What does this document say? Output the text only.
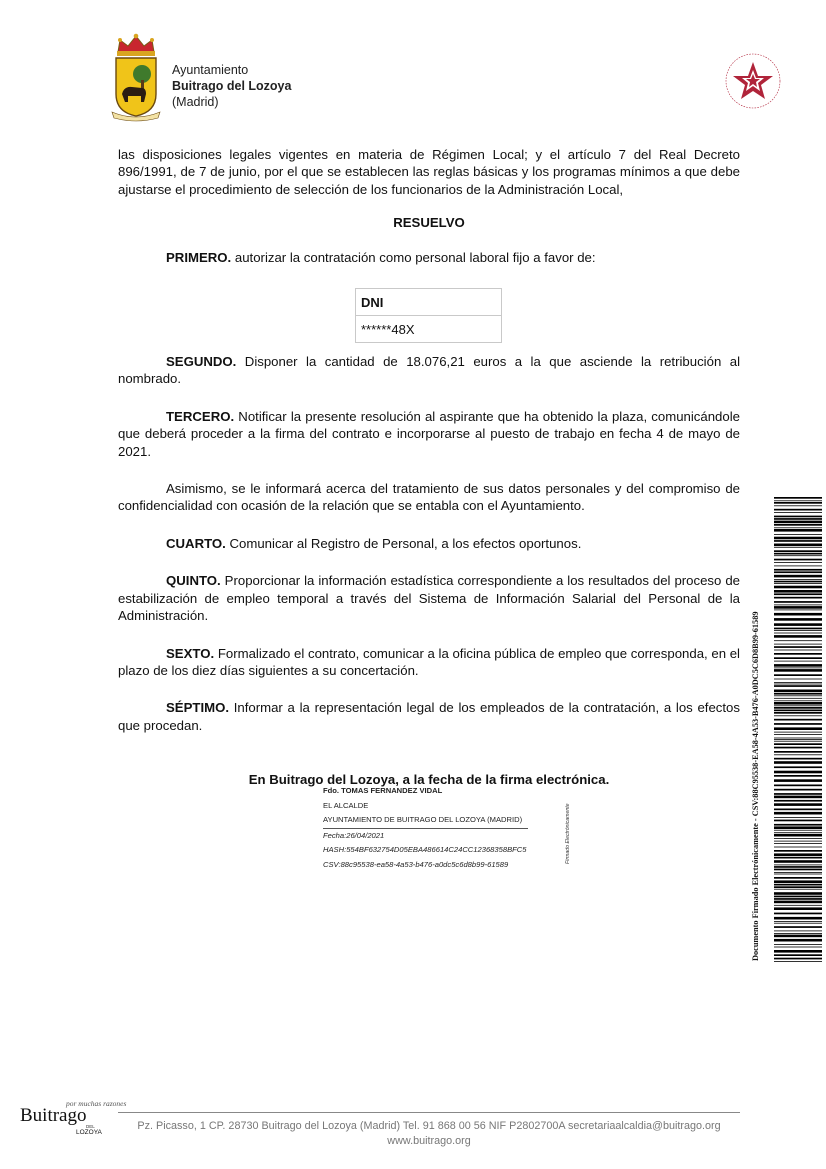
Ayuntamiento
Buitrago del Lozoya
(Madrid)

las disposiciones legales vigentes en materia de Régimen Local; y el artículo 7 del Real Decreto 896/1991, de 7 de junio, por el que se establecen las reglas básicas y los programas mínimos a que debe ajustarse el procedimiento de selección de los funcionarios de la Administración Local,

RESUELVO

PRIMERO. autorizar la contratación como personal laboral fijo a favor de:

SEGUNDO. Disponer la cantidad de 18.076,21 euros a la que asciende la retribución al nombrado.

TERCERO. Notificar la presente resolución al aspirante que ha obtenido la plaza, comunicándole que deberá proceder a la firma del contrato e incorporarse al puesto de trabajo en fecha 4 de mayo de 2021.

Asimismo, se le informará acerca del tratamiento de sus datos personales y del compromiso de confidencialidad con ocasión de la relación que se entabla con el Ayuntamiento.

CUARTO. Comunicar al Registro de Personal, a los efectos oportunos.

QUINTO. Proporcionar la información estadística correspondiente a los resultados del proceso de estabilización de empleo temporal a través del Sistema de Información Salarial del Personal de la Administración.

SEXTO. Formalizado el contrato, comunicar a la oficina pública de empleo que corresponda, en el plazo de los diez días siguientes a su concertación.

SÉPTIMO. Informar a la representación legal de los empleados de la contratación, a los efectos que procedan.

En Buitrago del Lozoya, a la fecha de la firma electrónica.

DNI
******48X
Fdo. TOMAS FERNANDEZ VIDAL
EL ALCALDE
AYUNTAMIENTO DE BUITRAGO DEL LOZOYA (MADRID)
Fecha:26/04/2021
HASH:554BF632754D05EBA486614C24CC12368358BFC5
CSV:88c95538-ea58-4a53-b476-a0dc5c6d8b99-61589
Firmado Electrónicamente	Documento Firmado Electrónicamente - CSV:88C95538-EA58-4A53-B476-A0DC5C6D8B99-61589
por muchas razones
Buitrago
DEL
LOZOYA
Pz. Picasso, 1 CP. 28730 Buitrago del Lozoya (Madrid) Tel. 91 868 00 56 NIF P2802700A secretariaalcaldia@buitrago.org
www.buitrago.org
